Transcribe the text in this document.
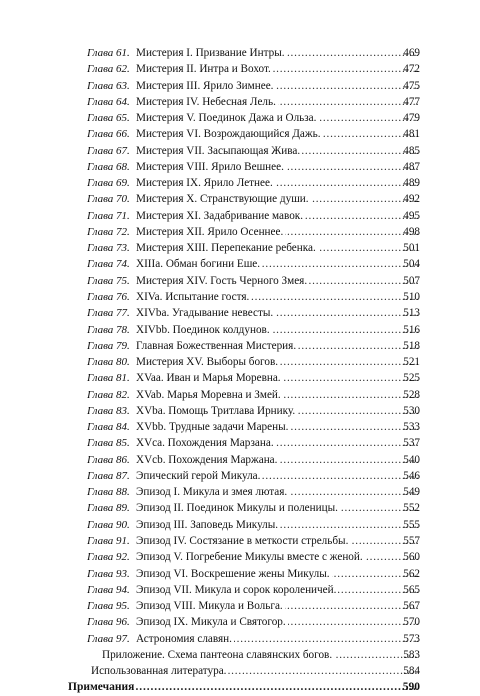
Глава 61. Мистерия I. Призвание Интры. . . .	469
Глава 62. Мистерия II. Интра и Вохот. . . .	472
Глава 63. Мистерия III. Ярило Зимнее. . . .	475
Глава 64. Мистерия IV. Небесная Лель. . . .	477
Глава 65. Мистерия V. Поединок Дажа и Ольза. . . .	479
Глава 66. Мистерия VI. Возрождающийся Дажь. . . .	481
Глава 67. Мистерия VII. Засыпающая Жива. . . .	485
Глава 68. Мистерия VIII. Ярило Вешнее. . . .	487
Глава 69. Мистерия IX. Ярило Летнее. . . .	489
Глава 70. Мистерия X. Странствующие души. . . .	492
Глава 71. Мистерия XI. Задабривание мавок. . . .	495
Глава 72. Мистерия XII. Ярило Осеннее. . . .	498
Глава 73. Мистерия XIII. Перепекание ребенка. . . .	501
Глава 74. XIIIa. Обман богини Ешe. . . .	504
Глава 75. Мистерия XIV. Гость Черного Змея. . . .	507
Глава 76. XIVa. Испытание гостя. . . .	510
Глава 77. XIVba. Угадывание невесты. . . .	513
Глава 78. XIVbb. Поединок колдунов. . . .	516
Глава 79. Главная Божественная Мистерия. . . .	518
Глава 80. Мистерия XV. Выборы богов. . . .	521
Глава 81. XVaa. Иван и Марья Моревна. . . .	525
Глава 82. XVab. Марья Моревна и Змей. . . .	528
Глава 83. XVba. Помощь Тритлава Ирнику. . . .	530
Глава 84. XVbb. Трудные задачи Марены. . . .	533
Глава 85. XVca. Похождения Марзана. . . .	537
Глава 86. XVcb. Похождения Маржана. . . .	540
Глава 87. Эпический герой Микула. . . .	546
Глава 88. Эпизод I. Микула и змея лютая. . . .	549
Глава 89. Эпизод II. Поединок Микулы и поленицы. . . .	552
Глава 90. Эпизод III. Заповедь Микулы. . . .	555
Глава 91. Эпизод IV. Состязание в меткости стрельбы. . . .	557
Глава 92. Эпизод V. Погребение Микулы вместе с женой. . . .	560
Глава 93. Эпизод VI. Воскрешение жены Микулы. . . .	562
Глава 94. Эпизод VII. Микула и сорок короленичей. . . .	565
Глава 95. Эпизод VIII. Микула и Вольга. . . .	567
Глава 96. Эпизод IX. Микула и Святогор. . . .	570
Глава 97. Астрономия славян. . . .	573
Приложение. Схема пантеона славянских богов. . . .	583
Использованная литература. . . .	584
Примечания . . .	590
